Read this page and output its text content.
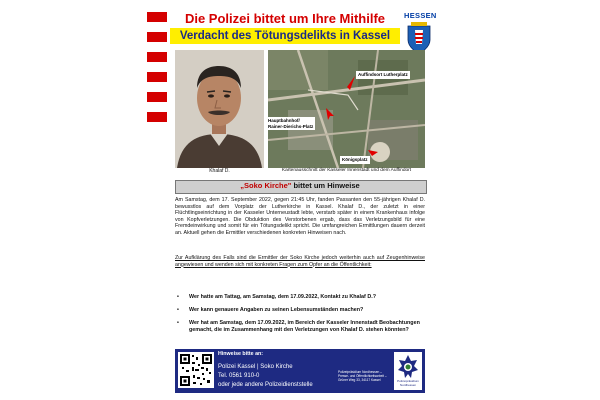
Die Polizei bittet um Ihre Mithilfe
Verdacht des Tötungsdelikts in Kassel
HESSEN
Khalaf D.
Auffindsort Lutherplatz
Hauptbahnhof/
Rainer-Dierichs-Platz
Königsplatz
Kartenausschnitt der Kasseler Innenstadt und dem Auffindort
„Soko Kirche" bittet um Hinweise
Am Samstag, dem 17. September 2022, gegen 21:45 Uhr, fanden Passanten den 55-jährigen Khalaf D. bewusstlos auf dem Vorplatz der Lutherkirche in Kassel. Khalaf D., der zuletzt in einer Flüchtlingseinrichtung in der Kasseler Unterneustadt lebte, verstarb später in einem Krankenhaus infolge von Kopfverletzungen. Die Obduktion des Verstorbenen ergab, dass das Verletzungsbild für eine Fremdeinwirkung und somit für ein Tötungsdelikt spricht. Die umfangreichen Ermittlungen dauern derzeit an. Aktuell gehen die Ermittler verschiedenen konkreten Hinweisen nach.
Zur Aufklärung des Falls sind die Ermittler der Soko Kirche jedoch weiterhin auch auf Zeugenhinweise angewiesen und wenden sich mit konkreten Fragen zum Opfer an die Öffentlichkeit:
•	Wer hatte am Tattag, am Samstag, dem 17.09.2022, Kontakt zu Khalaf D.?
•	Wer kann genauere Angaben zu seinen Lebensumständen machen?
•	Wer hat am Samstag, dem 17.09.2022, im Bereich der Kasseler Innenstadt Beobachtungen gemacht, die im Zusammenhang mit den Verletzungen von Khalaf D. stehen könnten?
Hinweise bitte an:
Polizei Kassel | Soko Kirche
Tel. 0561 910-0
oder jede andere Polizeidienststelle
Polizeipräsidium Nordhessen – Presse- und Öffentlichkeitsarbeit – Grüner Weg 33, 34117 Kassel	Polizeipräsidium Nordhessen
